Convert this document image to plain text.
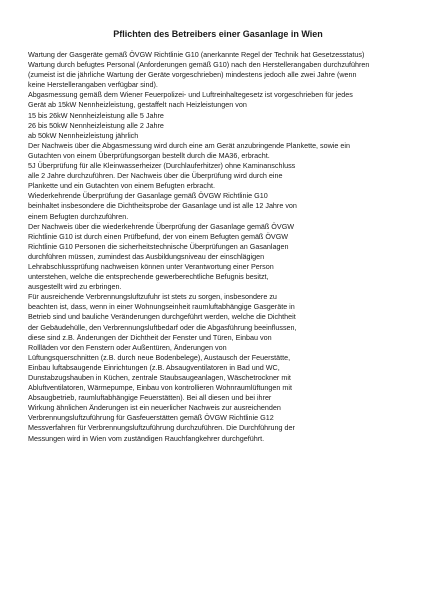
Pflichten des Betreibers einer Gasanlage in Wien
Wartung der Gasgeräte gemäß ÖVGW Richtlinie G10 (anerkannte Regel der Technik hat Gesetzesstatus)
Wartung durch befugtes Personal (Anforderungen gemäß G10) nach den Herstellerangaben durchzuführen
(zumeist ist die jährliche Wartung der Geräte vorgeschrieben) mindestens jedoch alle zwei Jahre (wenn
keine Herstellerangaben verfügbar sind).
Abgasmessung gemäß dem Wiener Feuerpolizei- und Luftreinhaltegesetz ist vorgeschrieben für jedes
Gerät ab 15kW Nennheizleistung, gestaffelt nach Heizleistungen von
15 bis 26kW Nennheizleistung alle 5 Jahre
26 bis 50kW Nennheizleistung alle 2 Jahre
ab 50kW Nennheizleistung jährlich
Der Nachweis über die Abgasmessung wird durch eine am Gerät anzubringende Plankette, sowie ein
Gutachten von einem Überprüfungsorgan bestellt durch die MA36, erbracht.
5J Überprüfung für alle Kleinwasserheizer (Durchlauferhitzer) ohne Kaminanschluss
alle 2 Jahre durchzuführen. Der Nachweis über die Überprüfung wird durch eine
Plankette und ein Gutachten von einem Befugten erbracht.
Wiederkehrende Überprüfung der Gasanlage gemäß ÖVGW Richtlinie G10
beinhaltet insbesondere die Dichtheitsprobe der Gasanlage und ist alle 12 Jahre von
einem Befugten durchzuführen.
Der Nachweis über die wiederkehrende Überprüfung der Gasanlage gemäß ÖVGW
Richtlinie G10 ist durch einen Prüfbefund, der von einem Befugten gemäß ÖVGW
Richtlinie G10 Personen die sicherheitstechnische Überprüfungen an Gasanlagen
durchführen müssen, zumindest das Ausbildungsniveau der einschlägigen
Lehrabschlussprüfung nachweisen können unter Verantwortung einer Person
unterstehen, welche die entsprechende gewerberechtliche Befugnis besitzt,
ausgestellt wird zu erbringen.
Für ausreichende Verbrennungsluftzufuhr ist stets zu sorgen, insbesondere zu
beachten ist, dass, wenn in einer Wohnungseinheit raumluftabhängige Gasgeräte in
Betrieb sind und bauliche Veränderungen durchgeführt werden, welche die Dichtheit
der Gebäudehülle, den Verbrennungsluftbedarf oder die Abgasführung beeinflussen,
diese sind z.B. Änderungen der Dichtheit der Fenster und Türen, Einbau von
Rollläden vor den Fenstern oder Außentüren, Änderungen von
Lüftungsquerschnitten (z.B. durch neue Bodenbelege), Austausch der Feuerstätte,
Einbau luftabsaugende Einrichtungen (z.B. Absaugventilatoren in Bad und WC,
Dunstabzugshauben in Küchen, zentrale Staubsaugeanlagen, Wäschetrockner mit
Abluftventilatoren, Wärmepumpe, Einbau von kontrollieren Wohnraumlüftungen mit
Absaugbetrieb, raumluftabhängige Feuerstätten). Bei all diesen und bei ihrer
Wirkung ähnlichen Änderungen ist ein neuerlicher Nachweis zur ausreichenden
Verbrennungsluftzuführung für Gasfeuerstätten gemäß ÖVGW Richtlinie G12
Messverfahren für Verbrennungsluftzuführung durchzuführen. Die Durchführung der
Messungen wird in Wien vom zuständigen Rauchfangkehrer durchgeführt.
